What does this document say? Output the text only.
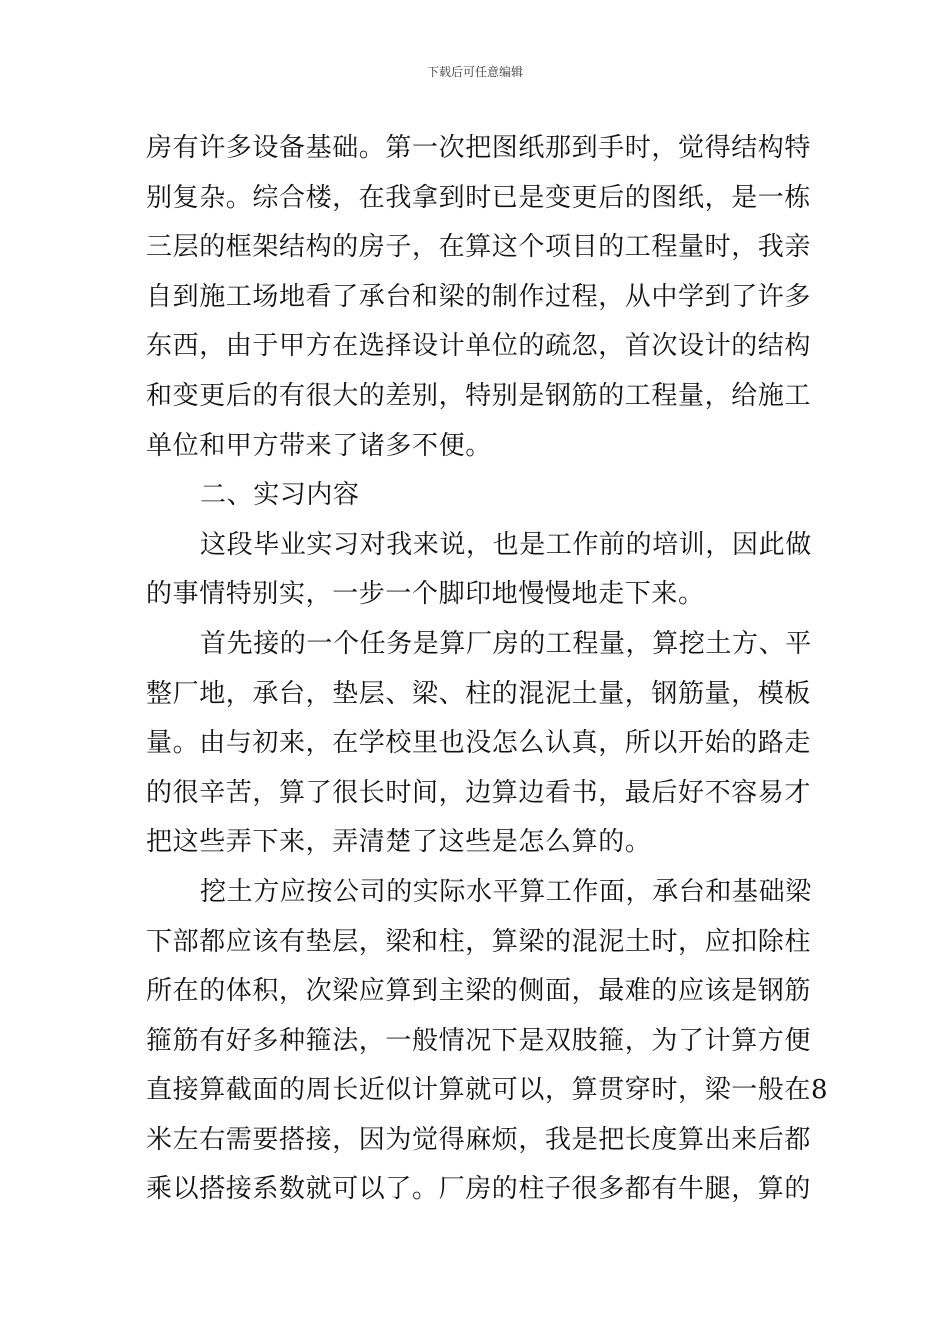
下载后可任意编辑
房有许多设备基础。第一次把图纸那到手时，觉得结构特
别复杂。综合楼，在我拿到时已是变更后的图纸，是一栋
三层的框架结构的房子，在算这个项目的工程量时，我亲
自到施工场地看了承台和梁的制作过程，从中学到了许多
东西，由于甲方在选择设计单位的疏忽，首次设计的结构
和变更后的有很大的差别，特别是钢筋的工程量，给施工
单位和甲方带来了诸多不便。
二、实习内容
这段毕业实习对我来说，也是工作前的培训，因此做
的事情特别实，一步一个脚印地慢慢地走下来。
首先接的一个任务是算厂房的工程量，算挖土方、平
整厂地，承台，垫层、梁、柱的混泥土量，钢筋量，模板
量。由与初来，在学校里也没怎么认真，所以开始的路走
的很辛苦，算了很长时间，边算边看书，最后好不容易才
把这些弄下来，弄清楚了这些是怎么算的。
挖土方应按公司的实际水平算工作面，承台和基础梁
下部都应该有垫层，梁和柱，算梁的混泥土时，应扣除柱
所在的体积，次梁应算到主梁的侧面，最难的应该是钢筋
箍筋有好多种箍法，一般情况下是双肢箍，为了计算方便
直接算截面的周长近似计算就可以，算贯穿时，梁一般在8
米左右需要搭接，因为觉得麻烦，我是把长度算出来后都
乘以搭接系数就可以了。厂房的柱子很多都有牛腿，算的
